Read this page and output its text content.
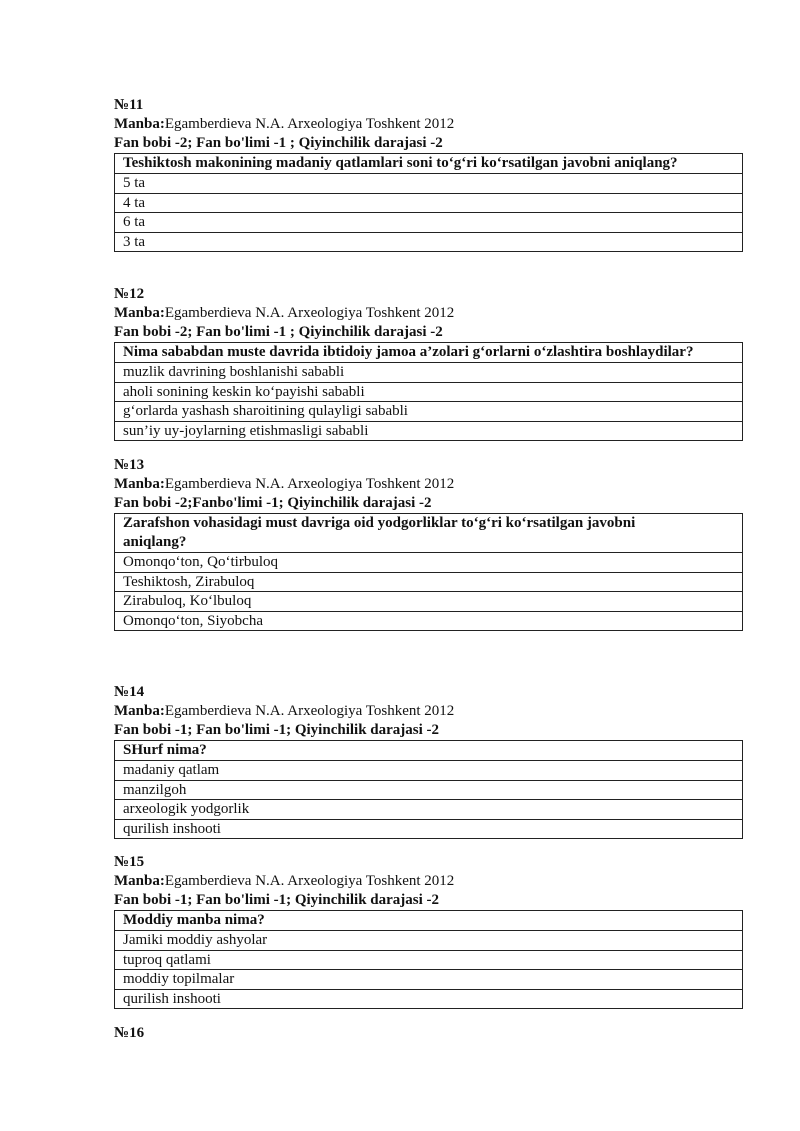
№11
Manba:Egamberdieva N.A. Arxeologiya Toshkent 2012
Fan bobi -2; Fan bo'limi -1 ; Qiyinchilik darajasi -2
Teshiktosh makonining madaniy qatlamlari soni to‘g‘ri ko‘rsatilgan javobni aniqlang?
5 ta
4 ta
6 ta
3 ta
№12
Manba:Egamberdieva N.A. Arxeologiya Toshkent 2012
Fan bobi -2; Fan bo'limi -1 ; Qiyinchilik darajasi -2
Nima sababdan muste davrida ibtidoiy jamoa a’zolari g‘orlarni o‘zlashtira boshlaydilar?
muzlik davrining boshlanishi sababli
aholi sonining keskin ko‘payishi sababli
g‘orlarda yashash sharoitining qulayligi sababli
sun’iy uy-joylarning etishmasligi sababli
№13
Manba:Egamberdieva N.A. Arxeologiya Toshkent 2012
Fan bobi -2;Fanbo'limi -1; Qiyinchilik darajasi -2
Zarafshon vohasidagi must davriga oid yodgorliklar to‘g‘ri ko‘rsatilgan javobni aniqlang?
Omonqo‘ton, Qo‘tirbuloq
Teshiktosh, Zirabuloq
Zirabuloq, Ko‘lbuloq
Omonqo‘ton, Siyobcha
№14
Manba:Egamberdieva N.A. Arxeologiya Toshkent 2012
Fan bobi -1; Fan bo'limi -1; Qiyinchilik darajasi -2
SHurf nima?
madaniy qatlam
manzilgoh
arxeologik yodgorlik
qurilish inshooti
№15
Manba:Egamberdieva N.A. Arxeologiya Toshkent 2012
Fan bobi -1; Fan bo'limi -1; Qiyinchilik darajasi -2
Moddiy manba nima?
Jamiki moddiy ashyolar
tuproq qatlami
moddiy topilmalar
qurilish inshooti
№16
